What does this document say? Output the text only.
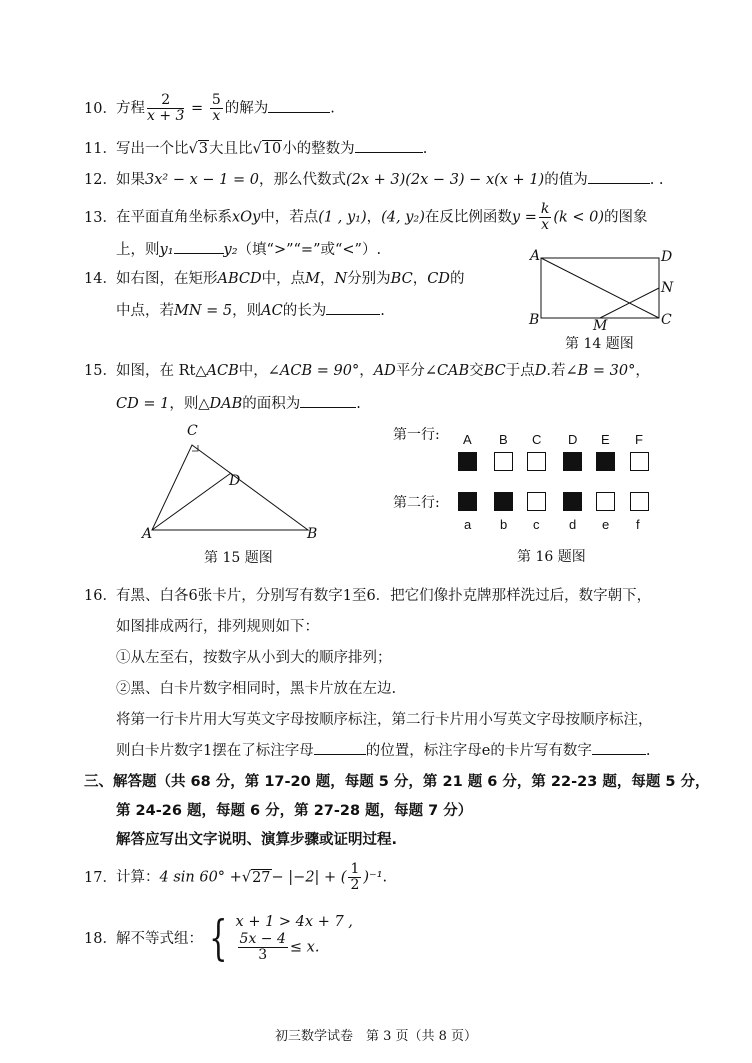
10．方程 $\frac{2}{x + 3} = \frac{5}{x}$ 的解为	.
11．写出一个比√3大且比√10小的整数为	.
12．如果3x² − x − 1 = 0，那么代数式(2x + 3)(2x − 3) − x(x + 1)的值为	. .
13．在平面直角坐标系xOy中，若点(1 , y₁)，(4, y₂)在反比例函数$y = \frac{k}{x} (k < 0)$的图象
上，则y₁	y₂（填“>”“=”或“<”）.
14．如右图，在矩形ABCD中，点M，N分别为BC，CD的
中点，若MN = 5，则AC的长为	.
A	D
N
B	M	C
第 14 题图
15．如图，在 Rt△ACB中，∠ACB = 90°，AD平分∠CAB交BC于点D.若∠B = 30°，
CD = 1，则△DAB的面积为	.
C
D
A	B
第 15 题图
第一行:
第二行:
A B C D E F
a b c d e f
第 16 题图
16．有黑、白各6张卡片，分别写有数字1至6．把它们像扑克牌那样洗过后，数字朝下，
如图排成两行，排列规则如下：
①从左至右，按数字从小到大的顺序排列；
②黑、白卡片数字相同时，黑卡片放在左边.
将第一行卡片用大写英文字母按顺序标注，第二行卡片用小写英文字母按顺序标注，
则白卡片数字1摆在了标注字母	的位置，标注字母e的卡片写有数字	.
三、解答题（共 68 分，第 17-20 题，每题 5 分，第 21 题 6 分，第 22-23 题，每题 5 分，
第 24-26 题，每题 6 分，第 27-28 题，每题 7 分）
解答应写出文字说明、演算步骤或证明过程.
17．计算：4 sin 60° +√27− |−2| + ( $\frac{1}{2} )^{-1}$.
18．解不等式组： { x + 1 > 4x + 7 ,
$\frac{5x - 4}{3} \le x$.
初三数学试卷　第 3 页（共 8 页）
